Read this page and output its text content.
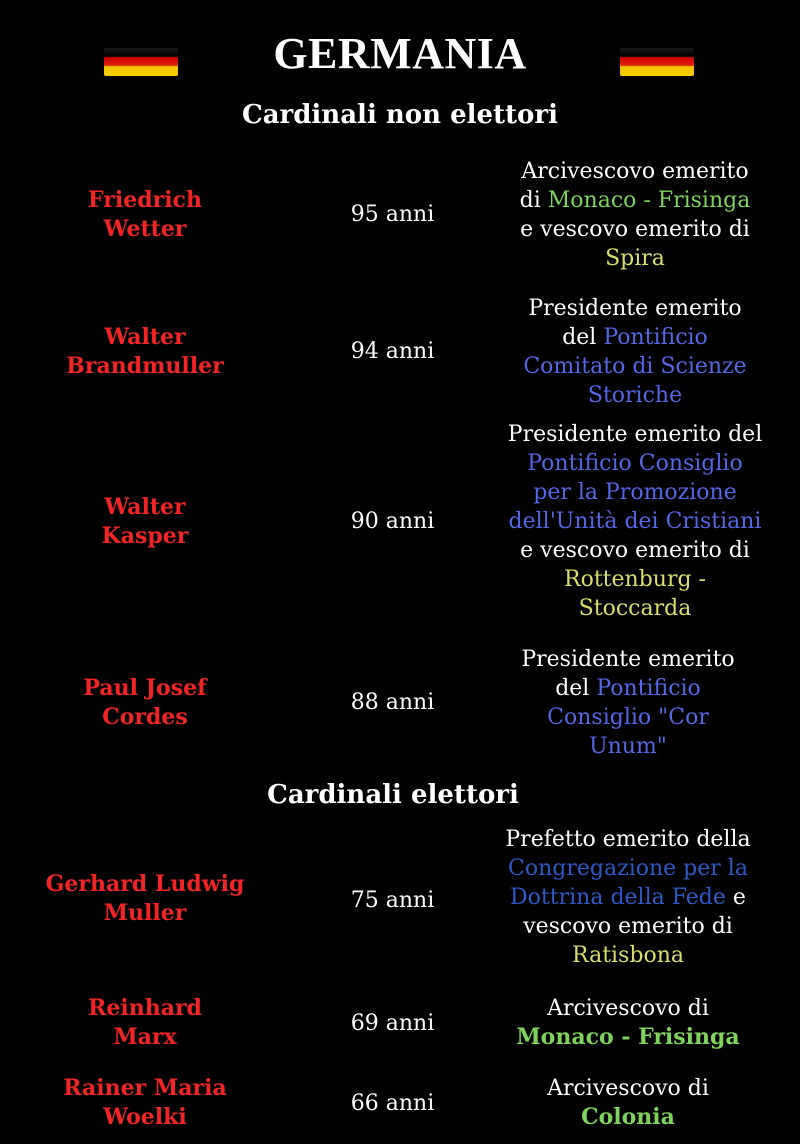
GERMANIA
Cardinali non elettori
Friedrich
Wetter
95 anni
Arcivescovo emerito
di Monaco - Frisinga
e vescovo emerito di
Spira
Walter
Brandmuller
94 anni
Presidente emerito
del Pontificio
Comitato di Scienze
Storiche
Walter
Kasper
90 anni
Presidente emerito del
Pontificio Consiglio
per la Promozione
dell'Unità dei Cristiani
e vescovo emerito di
Rottenburg -
Stoccarda
Paul Josef
Cordes
88 anni
Presidente emerito
del Pontificio
Consiglio "Cor
Unum"
Cardinali elettori
Gerhard Ludwig
Muller	75 anni
Prefetto emerito della
Congregazione per la
Dottrina della Fede e
vescovo emerito di
Ratisbona
Reinhard
Marx
69 anni
Arcivescovo di
Monaco - Frisinga
Rainer Maria
Woelki
66 anni
Arcivescovo di
Colonia
